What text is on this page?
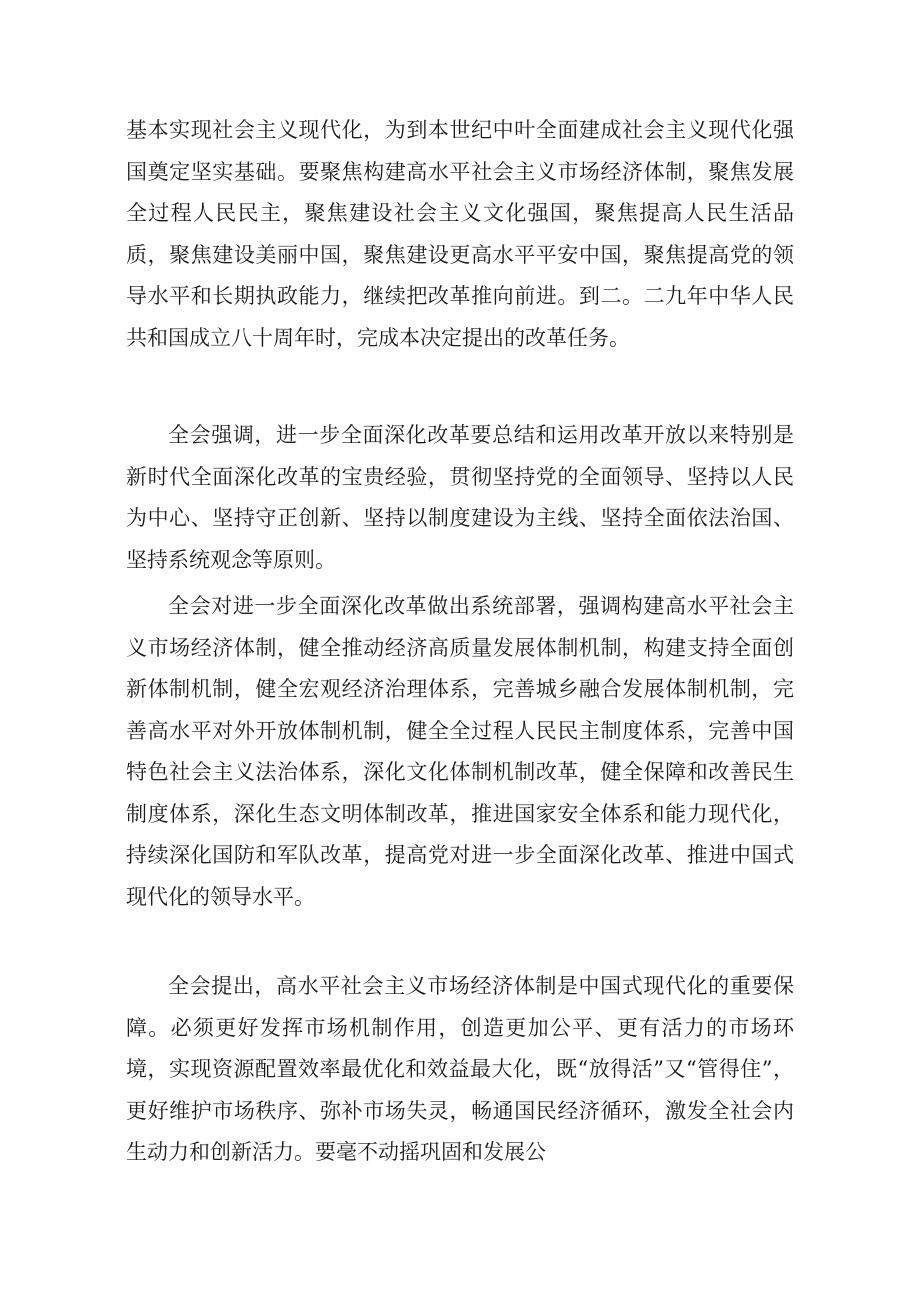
基本实现社会主义现代化，为到本世纪中叶全面建成社会主义现代化强国奠定坚实基础。要聚焦构建高水平社会主义市场经济体制，聚焦发展全过程人民民主，聚焦建设社会主义文化强国，聚焦提高人民生活品质，聚焦建设美丽中国，聚焦建设更高水平平安中国，聚焦提高党的领导水平和长期执政能力，继续把改革推向前进。到二。二九年中华人民共和国成立八十周年时，完成本决定提出的改革任务。

全会强调，进一步全面深化改革要总结和运用改革开放以来特别是新时代全面深化改革的宝贵经验，贯彻坚持党的全面领导、坚持以人民为中心、坚持守正创新、坚持以制度建设为主线、坚持全面依法治国、坚持系统观念等原则。

全会对进一步全面深化改革做出系统部署，强调构建高水平社会主义市场经济体制，健全推动经济高质量发展体制机制，构建支持全面创新体制机制，健全宏观经济治理体系，完善城乡融合发展体制机制，完善高水平对外开放体制机制，健全全过程人民民主制度体系，完善中国特色社会主义法治体系，深化文化体制机制改革，健全保障和改善民生制度体系，深化生态文明体制改革，推进国家安全体系和能力现代化，持续深化国防和军队改革，提高党对进一步全面深化改革、推进中国式现代化的领导水平。

全会提出，高水平社会主义市场经济体制是中国式现代化的重要保障。必须更好发挥市场机制作用，创造更加公平、更有活力的市场环境，实现资源配置效率最优化和效益最大化，既“放得活”又“管得住”，更好维护市场秩序、弥补市场失灵，畅通国民经济循环，激发全社会内生动力和创新活力。要毫不动摇巩固和发展公
